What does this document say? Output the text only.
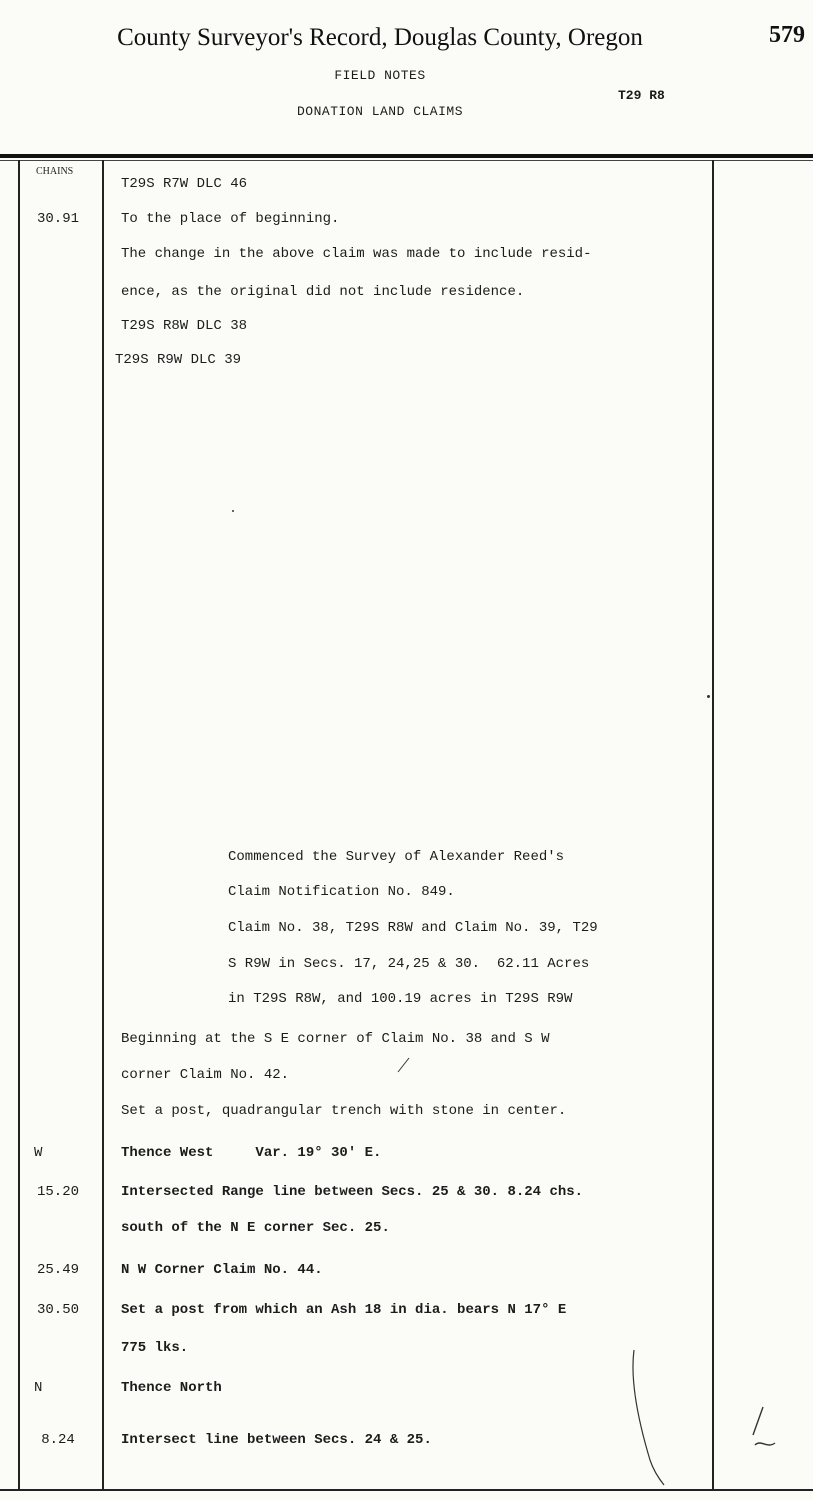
County Surveyor's Record, Douglas County, Oregon	579
FIELD NOTES
DONATION LAND CLAIMS
T29 R8
CHAINS
T29S R7W DLC 46
30.91	To the place of beginning.
The change in the above claim was made to include resid-
ence, as the original did not include residence.
T29S R8W DLC 38
T29S R9W DLC 39
Commenced the Survey of Alexander Reed's
Claim Notification No. 849.
Claim No. 38, T29S R8W and Claim No. 39, T29
S R9W in Secs. 17, 24,25 & 30.  62.11 Acres
in T29S R8W, and 100.19 acres in T29S R9W
Beginning at the S E corner of Claim No. 38 and S W
corner Claim No. 42.
Set a post, quadrangular trench with stone in center.
W	Thence West     Var. 19° 30' E.
15.20	Intersected Range line between Secs. 25 & 30. 8.24 chs.
south of the N E corner Sec. 25.
25.49	N W Corner Claim No. 44.
30.50	Set a post from which an Ash 18 in dia. bears N 17° E
775 lks.
N	Thence North
8.24	Intersect line between Secs. 24 & 25.
